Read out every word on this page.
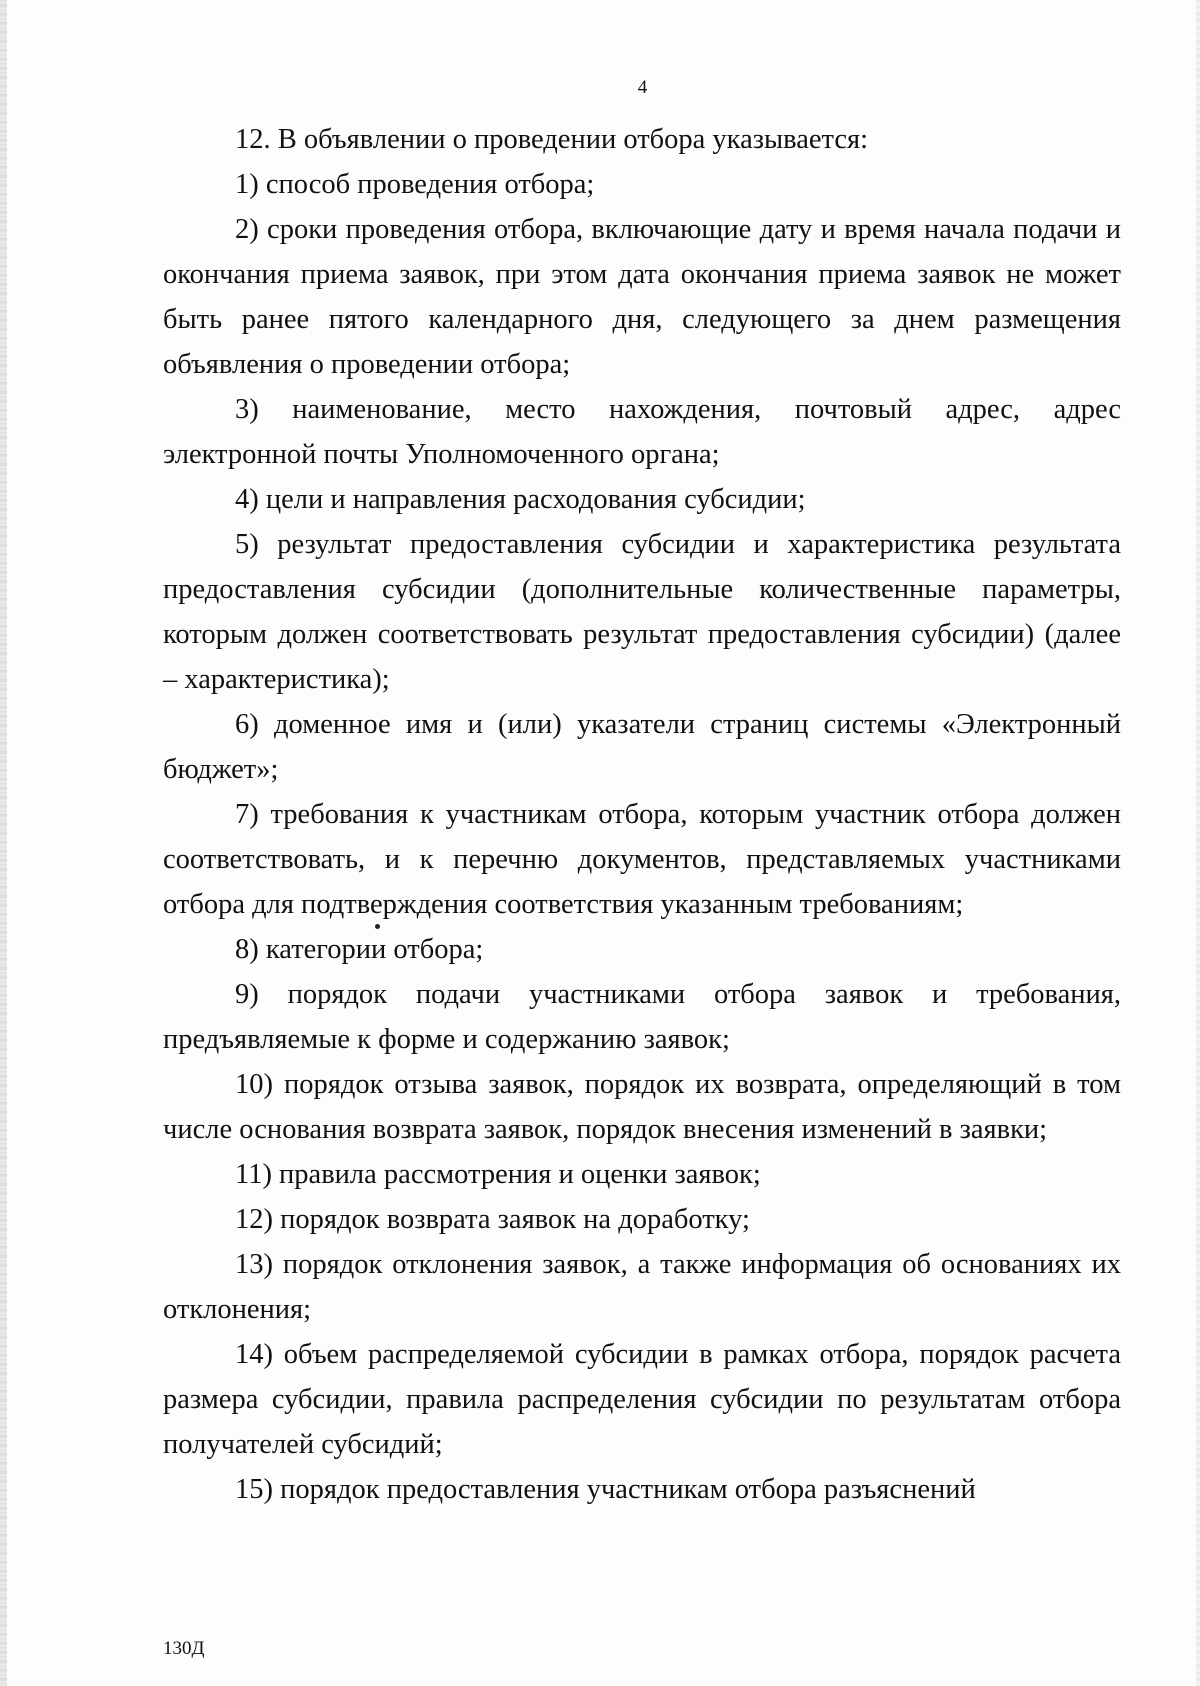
4

12. В объявлении о проведении отбора указывается:

1) способ проведения отбора;

2) сроки проведения отбора, включающие дату и время начала подачи и окончания приема заявок, при этом дата окончания приема заявок не может быть ранее пятого календарного дня, следующего за днем размещения объявления о проведении отбора;

3) наименование, место нахождения, почтовый адрес, адрес электронной почты Уполномоченного органа;

4) цели и направления расходования субсидии;

5) результат предоставления субсидии и характеристика результата предоставления субсидии (дополнительные количественные параметры, которым должен соответствовать результат предоставления субсидии) (далее – характеристика);

6) доменное имя и (или) указатели страниц системы «Электронный бюджет»;

7) требования к участникам отбора, которым участник отбора должен соответствовать, и к перечню документов, представляемых участниками отбора для подтверждения соответствия указанным требованиям;

8) категории отбора;

9) порядок подачи участниками отбора заявок и требования, предъявляемые к форме и содержанию заявок;

10) порядок отзыва заявок, порядок их возврата, определяющий в том числе основания возврата заявок, порядок внесения изменений в заявки;

11) правила рассмотрения и оценки заявок;

12) порядок возврата заявок на доработку;

13) порядок отклонения заявок, а также информация об основаниях их отклонения;

14) объем распределяемой субсидии в рамках отбора, порядок расчета размера субсидии, правила распределения субсидии по результатам отбора получателей субсидий;

15) порядок предоставления участникам отбора разъяснений

130Д
